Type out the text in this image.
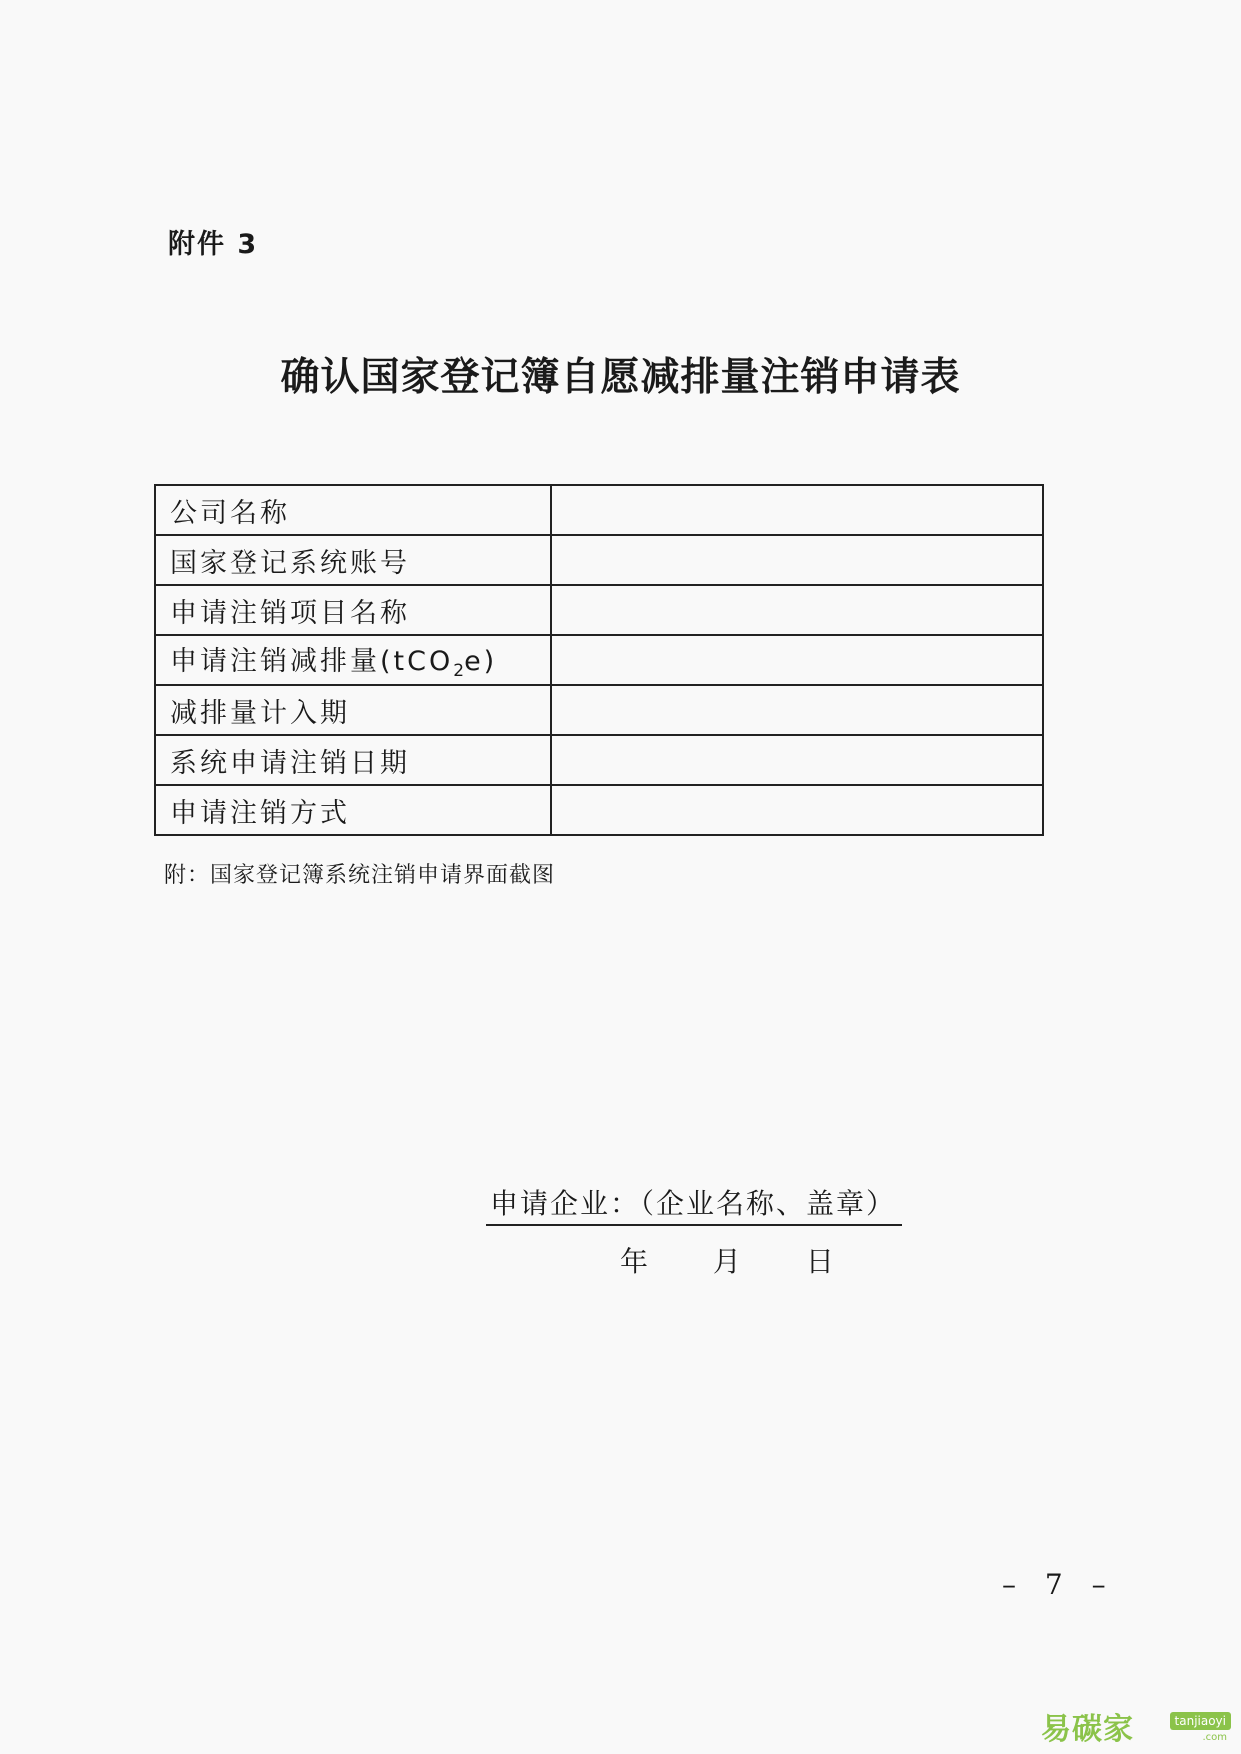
附件 3
确认国家登记簿自愿减排量注销申请表
公司名称	
国家登记系统账号	
申请注销项目名称	
申请注销减排量(tCO$_2$e)	
减排量计入期	
系统申请注销日期	
申请注销方式	
附：国家登记簿系统注销申请界面截图
申请企业：（企业名称、盖章）
年 月 日
– 7 –
易碳家	tanjiaoyi
.com
